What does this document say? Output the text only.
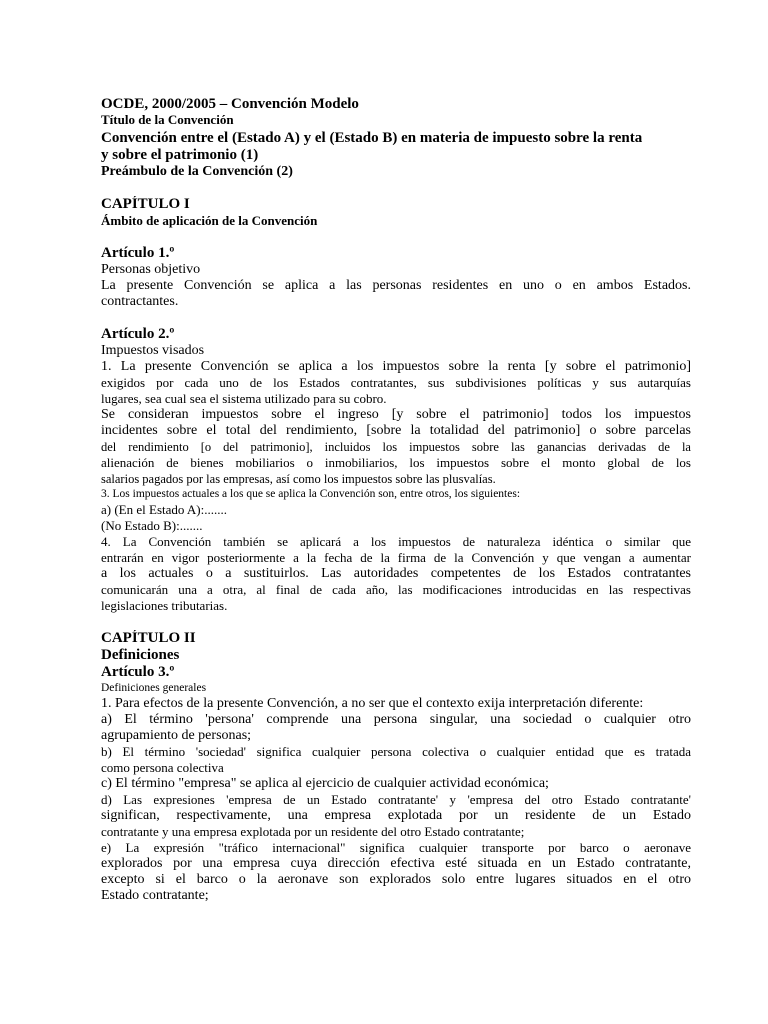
OCDE, 2000/2005 – Convención Modelo
Título de la Convención
Convención entre el (Estado A) y el (Estado B) en materia de impuesto sobre la renta
y sobre el patrimonio (1)
Preámbulo de la Convención (2)
CAPÍTULO I
Ámbito de aplicación de la Convención
Artículo 1.º
Personas objetivo
La presente Convención se aplica a las personas residentes en uno o en ambos Estados.
contractantes.
Artículo 2.º
Impuestos visados
1. La presente Convención se aplica a los impuestos sobre la renta [y sobre el patrimonio]
exigidos por cada uno de los Estados contratantes, sus subdivisiones políticas y sus autarquías
lugares, sea cual sea el sistema utilizado para su cobro.
Se consideran impuestos sobre el ingreso [y sobre el patrimonio] todos los impuestos
incidentes sobre el total del rendimiento, [sobre la totalidad del patrimonio] o sobre parcelas
del rendimiento [o del patrimonio], incluidos los impuestos sobre las ganancias derivadas de la
alienación de bienes mobiliarios o inmobiliarios, los impuestos sobre el monto global de los
salarios pagados por las empresas, así como los impuestos sobre las plusvalías.
3. Los impuestos actuales a los que se aplica la Convención son, entre otros, los siguientes:
a) (En el Estado A):.......
(No Estado B):.......
4. La Convención también se aplicará a los impuestos de naturaleza idéntica o similar que
entrarán en vigor posteriormente a la fecha de la firma de la Convención y que vengan a aumentar
a los actuales o a sustituirlos. Las autoridades competentes de los Estados contratantes
comunicarán una a otra, al final de cada año, las modificaciones introducidas en las respectivas
legislaciones tributarias.
CAPÍTULO II
Definiciones
Artículo 3.º
Definiciones generales
1. Para efectos de la presente Convención, a no ser que el contexto exija interpretación diferente:
a) El término 'persona' comprende una persona singular, una sociedad o cualquier otro
agrupamiento de personas;
b) El término 'sociedad' significa cualquier persona colectiva o cualquier entidad que es tratada
como persona colectiva
c) El término "empresa" se aplica al ejercicio de cualquier actividad económica;
d) Las expresiones 'empresa de un Estado contratante' y 'empresa del otro Estado contratante'
significan, respectivamente, una empresa explotada por un residente de un Estado
contratante y una empresa explotada por un residente del otro Estado contratante;
e) La expresión "tráfico internacional" significa cualquier transporte por barco o aeronave
explorados por una empresa cuya dirección efectiva esté situada en un Estado contratante,
excepto si el barco o la aeronave son explorados solo entre lugares situados en el otro
Estado contratante;
